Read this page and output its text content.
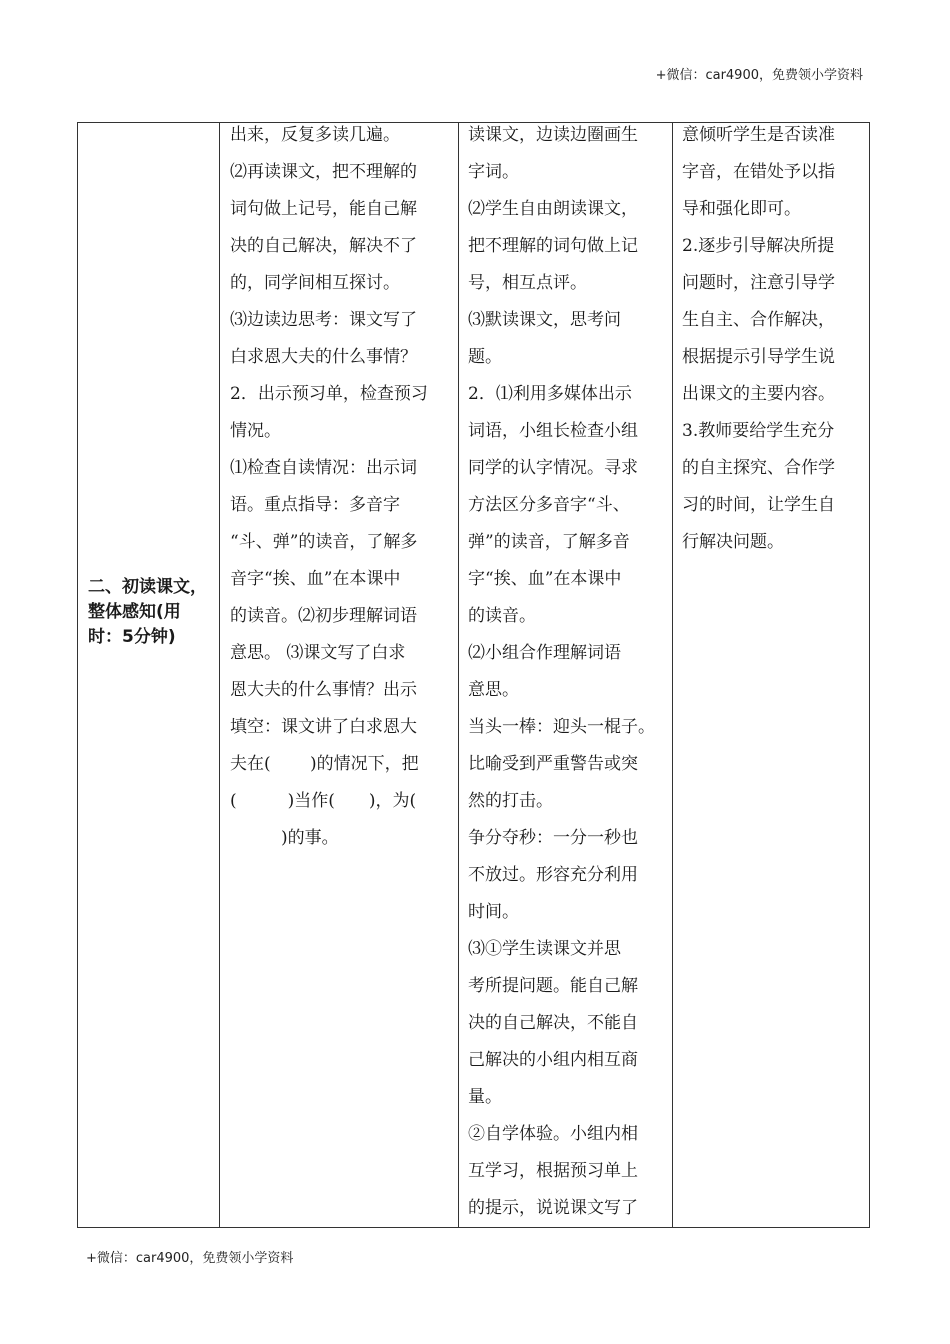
+微信：car4900，免费领小学资料
二、初读课文，整体感知(用时：5分钟)

出来，反复多读几遍。
⑵再读课文，把不理解的
词句做上记号，能自己解
决的自己解决，解决不了
的，同学间相互探讨。
⑶边读边思考：课文写了
白求恩大夫的什么事情？
2．出示预习单，检查预习
情况。
⑴检查自读情况：出示词
语。重点指导：多音字
“斗、弹”的读音，了解多
音字“挨、血”在本课中
的读音。⑵初步理解词语
意思。 ⑶课文写了白求
恩大夫的什么事情？出示
填空：课文讲了白求恩大
夫在(　　 )的情况下，把
(　　　)当作(　　)，为(
　　　)的事。

读课文，边读边圈画生
字词。
⑵学生自由朗读课文，
把不理解的词句做上记
号，相互点评。
⑶默读课文，思考问
题。
2．⑴利用多媒体出示
词语，小组长检查小组
同学的认字情况。寻求
方法区分多音字“斗、
弹”的读音，了解多音
字“挨、血”在本课中
的读音。
⑵小组合作理解词语
意思。
当头一棒：迎头一棍子。
比喻受到严重警告或突
然的打击。
争分夺秒：一分一秒也
不放过。形容充分利用
时间。
⑶①学生读课文并思
考所提问题。能自己解
决的自己解决，不能自
己解决的小组内相互商
量。
②自学体验。小组内相
互学习，根据预习单上
的提示，说说课文写了

意倾听学生是否读准
字音，在错处予以指
导和强化即可。
2.逐步引导解决所提
问题时，注意引导学
生自主、合作解决，
根据提示引导学生说
出课文的主要内容。
3.教师要给学生充分
的自主探究、合作学
习的时间，让学生自
行解决问题。
+微信：car4900，免费领小学资料
